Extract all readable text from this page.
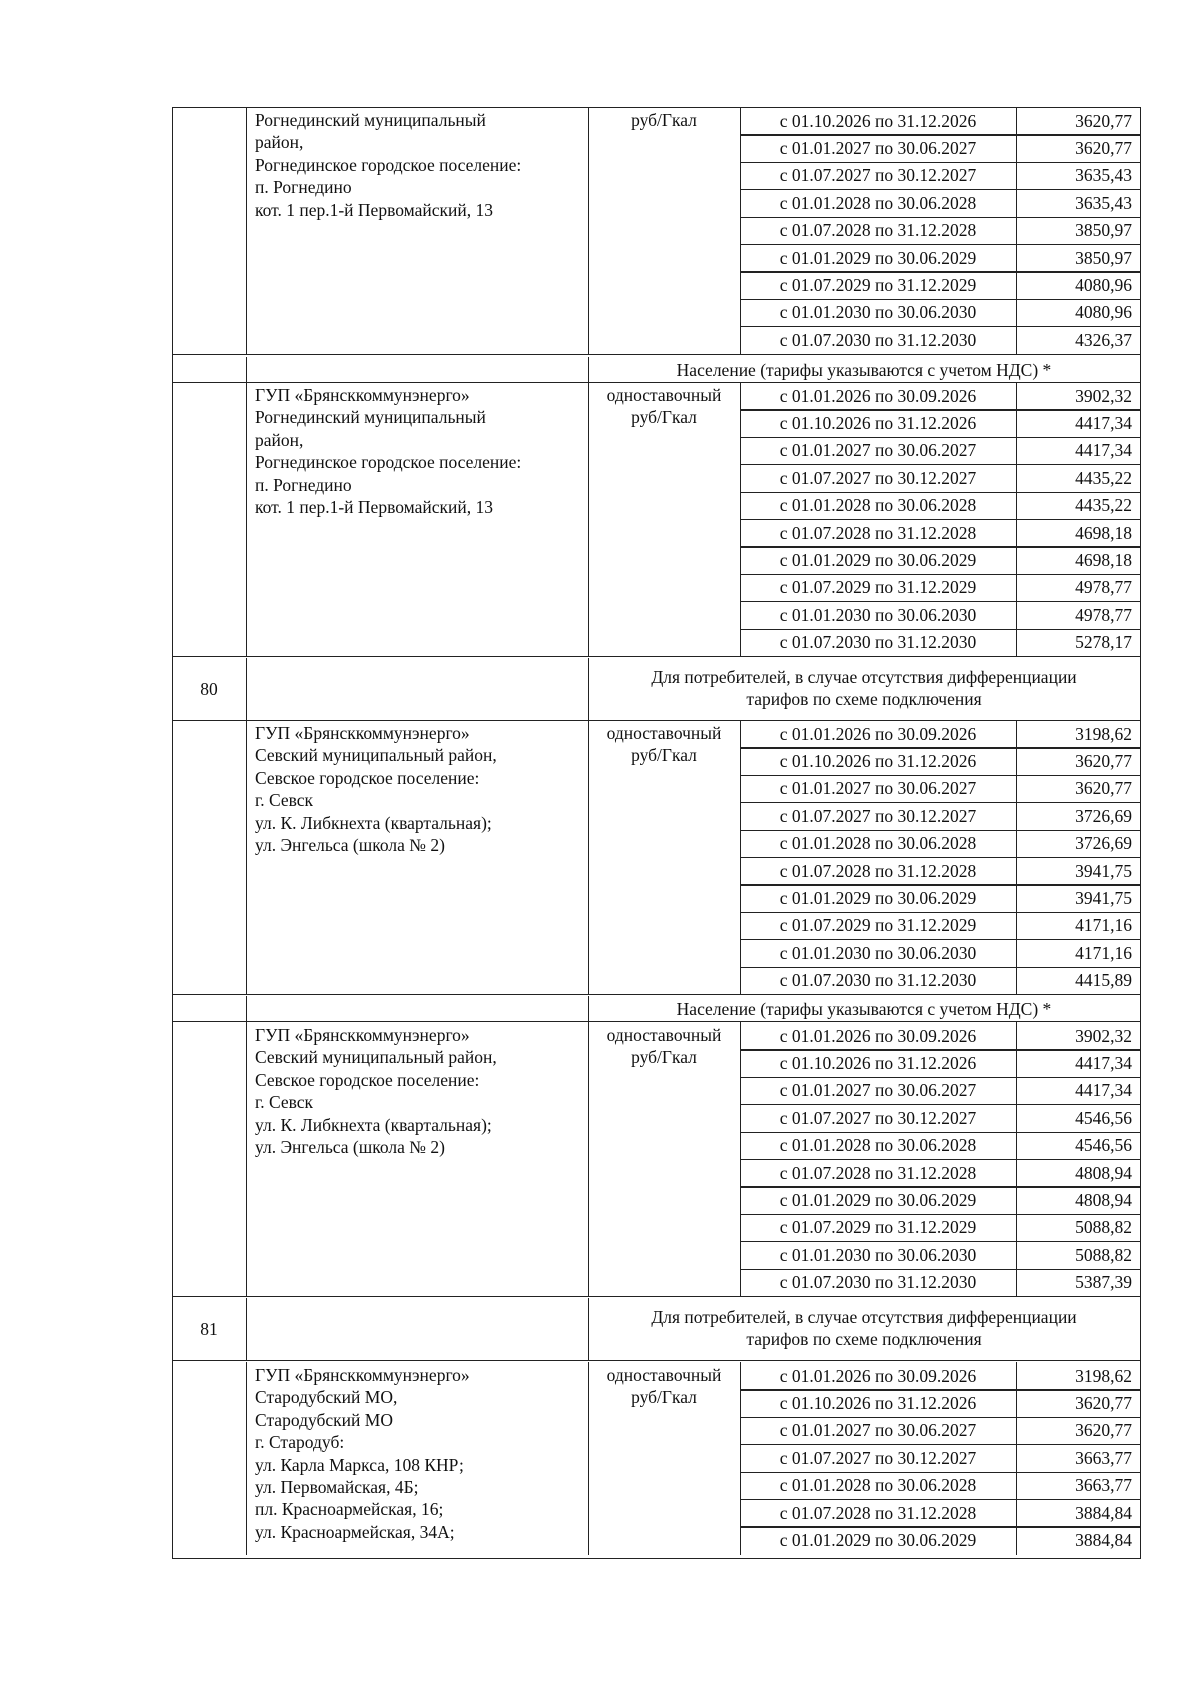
Рогнединский муниципальный
район,
Рогнединское городское поселение:
п. Рогнедино
кот. 1 пер.1-й Первомайский, 13
руб/Гкал	с 01.10.2026 по 31.12.2026	3620,77
с 01.01.2027 по 30.06.2027	3620,77
с 01.07.2027 по 30.12.2027	3635,43
с 01.01.2028 по 30.06.2028	3635,43
с 01.07.2028 по 31.12.2028	3850,97
с 01.01.2029 по 30.06.2029	3850,97
с 01.07.2029 по 31.12.2029	4080,96
с 01.01.2030 по 30.06.2030	4080,96
с 01.07.2030 по 31.12.2030	4326,37
Население (тарифы указываются с учетом НДС) *
ГУП «Брянсккоммунэнерго»
Рогнединский муниципальный
район,
Рогнединское городское поселение:
п. Рогнедино
кот. 1 пер.1-й Первомайский, 13
одноставочный
руб/Гкал
с 01.01.2026 по 30.09.2026	3902,32
с 01.10.2026 по 31.12.2026	4417,34
с 01.01.2027 по 30.06.2027	4417,34
с 01.07.2027 по 30.12.2027	4435,22
с 01.01.2028 по 30.06.2028	4435,22
с 01.07.2028 по 31.12.2028	4698,18
с 01.01.2029 по 30.06.2029	4698,18
с 01.07.2029 по 31.12.2029	4978,77
с 01.01.2030 по 30.06.2030	4978,77
с 01.07.2030 по 31.12.2030	5278,17
80
Для потребителей, в случае отсутствия дифференциации
тарифов по схеме подключения
ГУП «Брянсккоммунэнерго»
Севский муниципальный район,
Севское городское поселение:
г. Севск
ул. К. Либкнехта (квартальная);
ул. Энгельса (школа № 2)
одноставочный
руб/Гкал
с 01.01.2026 по 30.09.2026	3198,62
с 01.10.2026 по 31.12.2026	3620,77
с 01.01.2027 по 30.06.2027	3620,77
с 01.07.2027 по 30.12.2027	3726,69
с 01.01.2028 по 30.06.2028	3726,69
с 01.07.2028 по 31.12.2028	3941,75
с 01.01.2029 по 30.06.2029	3941,75
с 01.07.2029 по 31.12.2029	4171,16
с 01.01.2030 по 30.06.2030	4171,16
с 01.07.2030 по 31.12.2030	4415,89
Население (тарифы указываются с учетом НДС) *
ГУП «Брянсккоммунэнерго»
Севский муниципальный район,
Севское городское поселение:
г. Севск
ул. К. Либкнехта (квартальная);
ул. Энгельса (школа № 2)
одноставочный
руб/Гкал
с 01.01.2026 по 30.09.2026	3902,32
с 01.10.2026 по 31.12.2026	4417,34
с 01.01.2027 по 30.06.2027	4417,34
с 01.07.2027 по 30.12.2027	4546,56
с 01.01.2028 по 30.06.2028	4546,56
с 01.07.2028 по 31.12.2028	4808,94
с 01.01.2029 по 30.06.2029	4808,94
с 01.07.2029 по 31.12.2029	5088,82
с 01.01.2030 по 30.06.2030	5088,82
с 01.07.2030 по 31.12.2030	5387,39
81
Для потребителей, в случае отсутствия дифференциации
тарифов по схеме подключения
ГУП «Брянсккоммунэнерго»
Стародубский МО,
Стародубский МО
г. Стародуб:
ул. Карла Маркса, 108 КНР;
ул. Первомайская, 4Б;
пл. Красноармейская, 16;
ул. Красноармейская, 34А;
одноставочный
руб/Гкал
с 01.01.2026 по 30.09.2026	3198,62
с 01.10.2026 по 31.12.2026	3620,77
с 01.01.2027 по 30.06.2027	3620,77
с 01.07.2027 по 30.12.2027	3663,77
с 01.01.2028 по 30.06.2028	3663,77
с 01.07.2028 по 31.12.2028	3884,84
с 01.01.2029 по 30.06.2029	3884,84
